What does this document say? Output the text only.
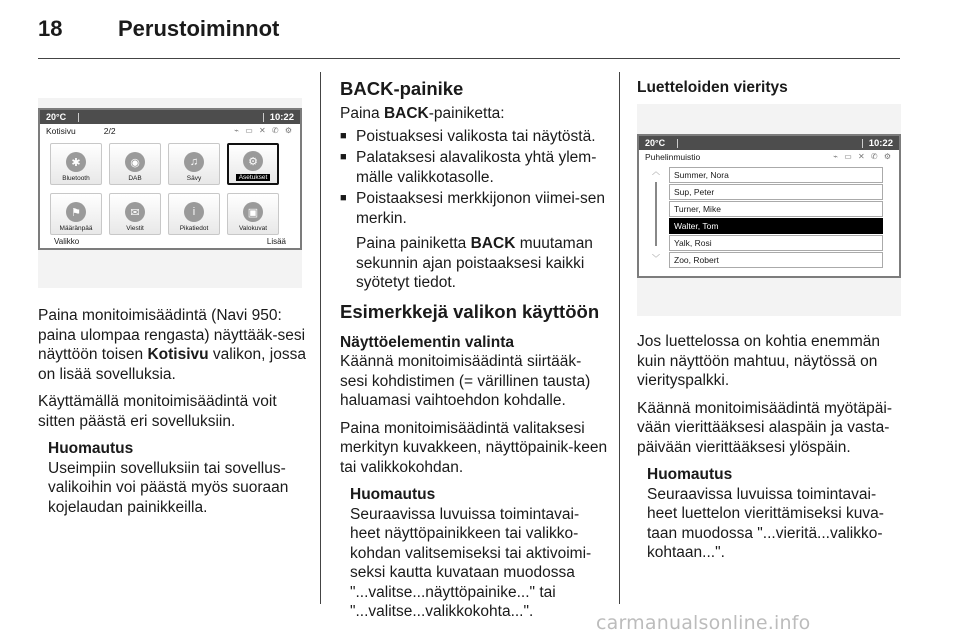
18	Perustoiminnot
20°C	10:22
Kotisivu	2/2	⌁ ▭ ✕ ✆ ⚙
✱
Bluetooth
◉
DAB
♫
Sävy
⚙
Asetukset
⚑
Määränpää
✉
Viestit
i
Pikatiedot
▣
Valokuvat
Valikko	Lisää

Paina monitoimisäädintä (Navi 950: paina ulompaa rengasta) näyttääk-sesi näyttöön toisen Kotisivu valikon, jossa on lisää sovelluksia.

Käyttämällä monitoimisäädintä voit sitten päästä eri sovelluksiin.

Huomautus
Useimpiin sovelluksiin tai sovellus-valikoihin voi päästä myös suoraan kojelaudan painikkeilla.
BACK-painike

Paina BACK-painiketta:

■ Poistuaksesi valikosta tai näytöstä.
■ Palataksesi alavalikosta yhtä ylem-mälle valikkotasolle.
■ Poistaaksesi merkkijonon viimei-sen merkin.

Paina painiketta BACK muutaman sekunnin ajan poistaaksesi kaikki syötetyt tiedot.

Esimerkkejä valikon käyttöön
Näyttöelementin valinta

Käännä monitoimisäädintä siirtääk-sesi kohdistimen (= värillinen tausta) haluamasi vaihtoehdon kohdalle.

Paina monitoimisäädintä valitaksesi merkityn kuvakkeen, näyttöpainik-keen tai valikkokohdan.

Huomautus
Seuraavissa luvuissa toimintavai-heet näyttöpainikkeen tai valikko-kohdan valitsemiseksi tai aktivoimi-seksi kautta kuvataan muodossa "...valitse...näyttöpainike..." tai "...valitse...valikkokohta...".
Luetteloiden vieritys
20°C	10:22
Puhelinmuistio	⌁ ▭ ✕ ✆ ⚙
︿
﹀
Summer, Nora
Sup, Peter
Turner, Mike
Walter, Tom
Yalk, Rosi
Zoo, Robert

Jos luettelossa on kohtia enemmän kuin näyttöön mahtuu, näytössä on vierityspalkki.

Käännä monitoimisäädintä myötäpäi-vään vierittääksesi alaspäin ja vasta-päivään vierittääksesi ylöspäin.

Huomautus
Seuraavissa luvuissa toimintavai-heet luettelon vierittämiseksi kuva-taan muodossa "...vieritä...valikko-kohtaan...".
carmanualsonline.info
